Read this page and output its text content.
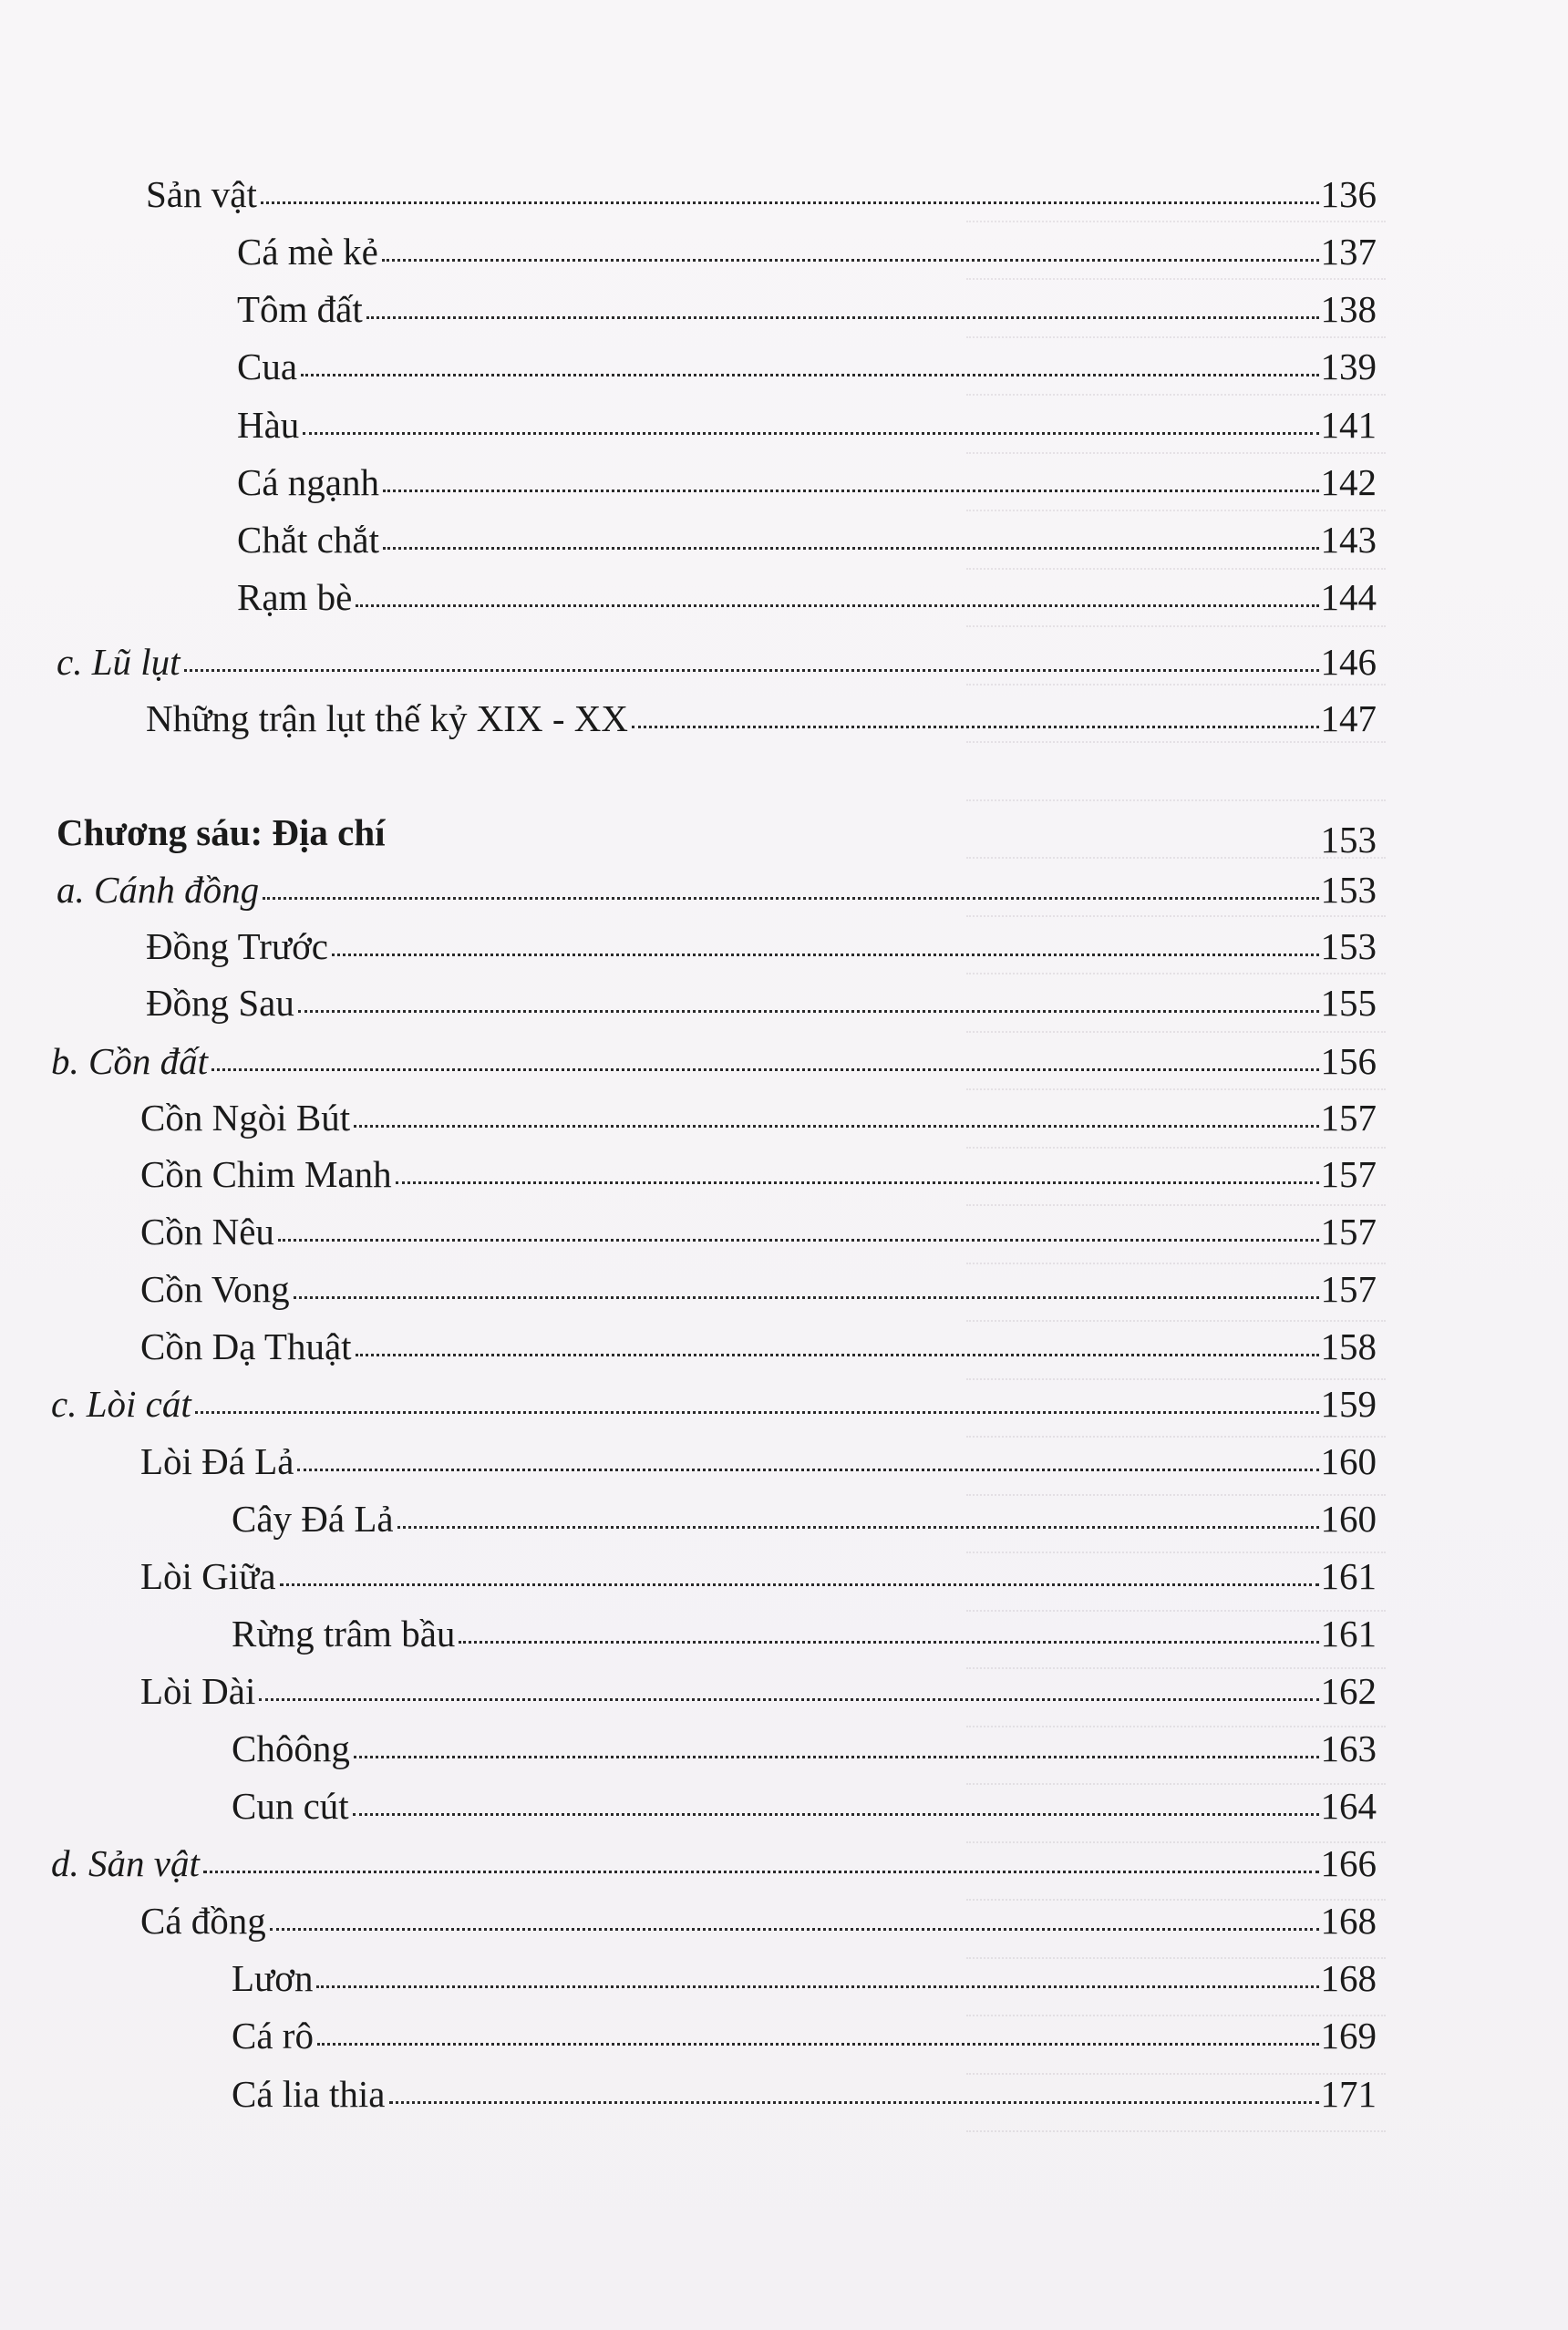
Sản vật	136
Cá mè kẻ	137
Tôm đất	138
Cua	139
Hàu	141
Cá ngạnh	142
Chắt chắt	143
Rạm bè	144
c. Lũ lụt	146
Những trận lụt thế kỷ XIX - XX	147
Chương sáu: Địa chí	153
a. Cánh đồng	153
Đồng Trước	153
Đồng Sau	155
b. Cồn đất	156
Cồn Ngòi Bút	157
Cồn Chim Manh	157
Cồn Nêu	157
Cồn Vong	157
Cồn Dạ Thuật	158
c. Lòi cát	159
Lòi Đá Lả	160
Cây Đá Lả	160
Lòi Giữa	161
Rừng trâm bầu	161
Lòi Dài	162
Chôông	163
Cun cút	164
d. Sản vật	166
Cá đồng	168
Lươn	168
Cá rô	169
Cá lia thia	171
